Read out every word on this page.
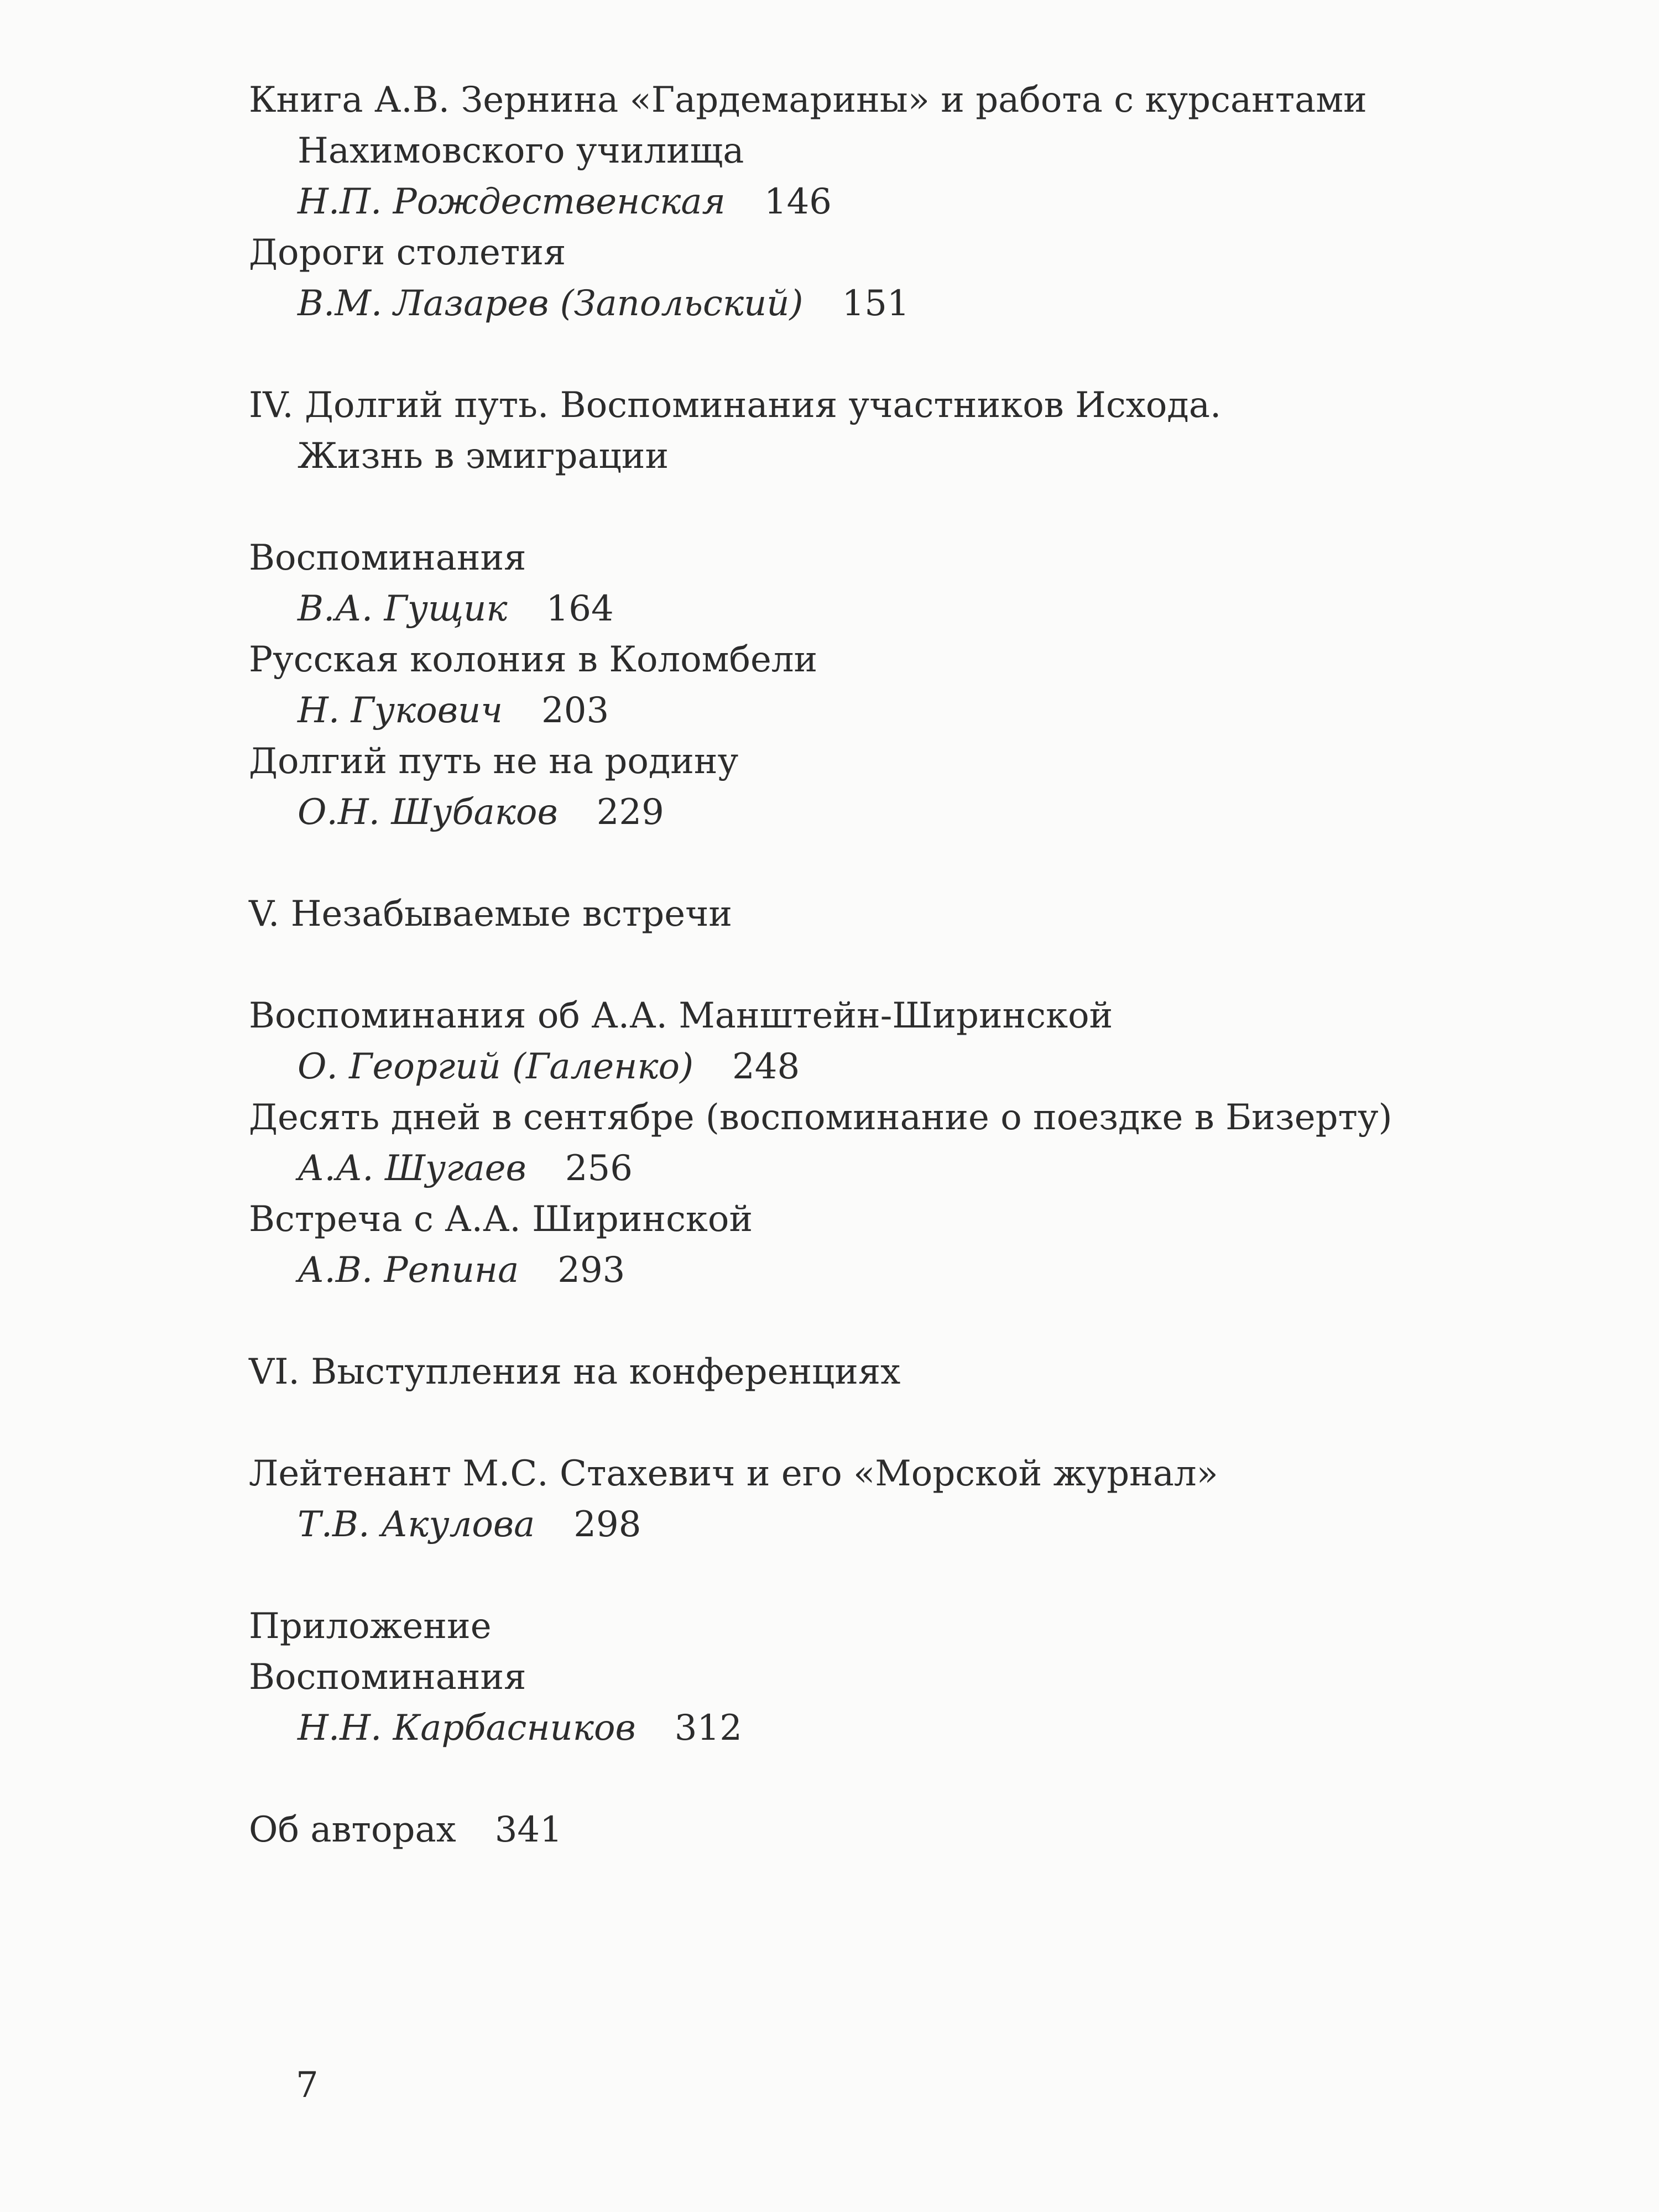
Книга А.В. Зернина «Гардемарины» и работа с курсантами
Нахимовского училища
Н.П. Рождественская 146
Дороги столетия
В.М. Лазарев (Запольский) 151
IV. Долгий путь. Воспоминания участников Исхода.
Жизнь в эмиграции
Воспоминания
В.А. Гущик 164
Русская колония в Коломбели
Н. Гукович 203
Долгий путь не на родину
О.Н. Шубаков 229
V. Незабываемые встречи
Воспоминания об А.А. Манштейн-Ширинской
О. Георгий (Галенко) 248
Десять дней в сентябре (воспоминание о поездке в Бизерту)
А.А. Шугаев 256
Встреча с А.А. Ширинской
А.В. Репина 293
VI. Выступления на конференциях
Лейтенант М.С. Стахевич и его «Морской журнал»
Т.В. Акулова 298
Приложение
Воспоминания
Н.Н. Карбасников 312
Об авторах 341
7
